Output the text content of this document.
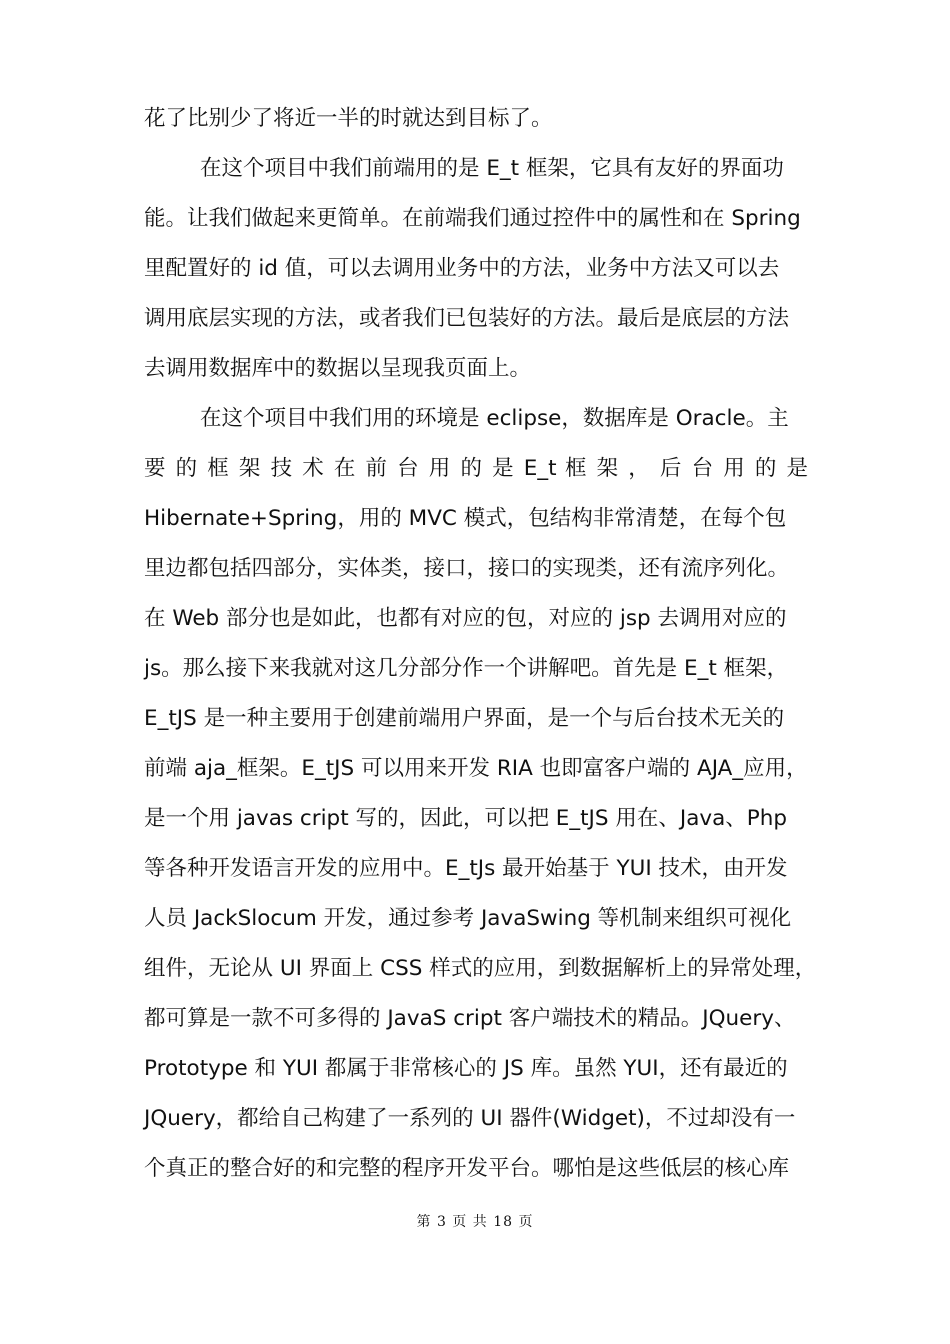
花了比别少了将近一半的时就达到目标了。
在这个项目中我们前端用的是 E_t 框架，它具有友好的界面功
能。让我们做起来更简单。在前端我们通过控件中的属性和在 Spring
里配置好的 id 值，可以去调用业务中的方法，业务中方法又可以去
调用底层实现的方法，或者我们已包装好的方法。最后是底层的方法
去调用数据库中的数据以呈现我页面上。
在这个项目中我们用的环境是 eclipse，数据库是 Oracle。主
要 的 框 架 技 术 在 前 台 用 的 是 E_t 框 架 ， 后 台 用 的 是
Hibernate+Spring，用的 MVC 模式，包结构非常清楚，在每个包
里边都包括四部分，实体类，接口，接口的实现类，还有流序列化。
在 Web 部分也是如此，也都有对应的包，对应的 jsp 去调用对应的
js。那么接下来我就对这几分部分作一个讲解吧。首先是 E_t 框架，
E_tJS 是一种主要用于创建前端用户界面，是一个与后台技术无关的
前端 aja_框架。E_tJS 可以用来开发 RIA 也即富客户端的 AJA_应用，
是一个用 javas cript 写的，因此，可以把 E_tJS 用在、Java、Php
等各种开发语言开发的应用中。E_tJs 最开始基于 YUI 技术，由开发
人员 JackSlocum 开发，通过参考 JavaSwing 等机制来组织可视化
组件，无论从 UI 界面上 CSS 样式的应用，到数据解析上的异常处理，
都可算是一款不可多得的 JavaS cript 客户端技术的精品。JQuery、
Prototype 和 YUI 都属于非常核心的 JS 库。虽然 YUI，还有最近的
JQuery，都给自己构建了一系列的 UI 器件(Widget)，不过却没有一
个真正的整合好的和完整的程序开发平台。哪怕是这些低层的核心库
第 3 页 共 18 页
